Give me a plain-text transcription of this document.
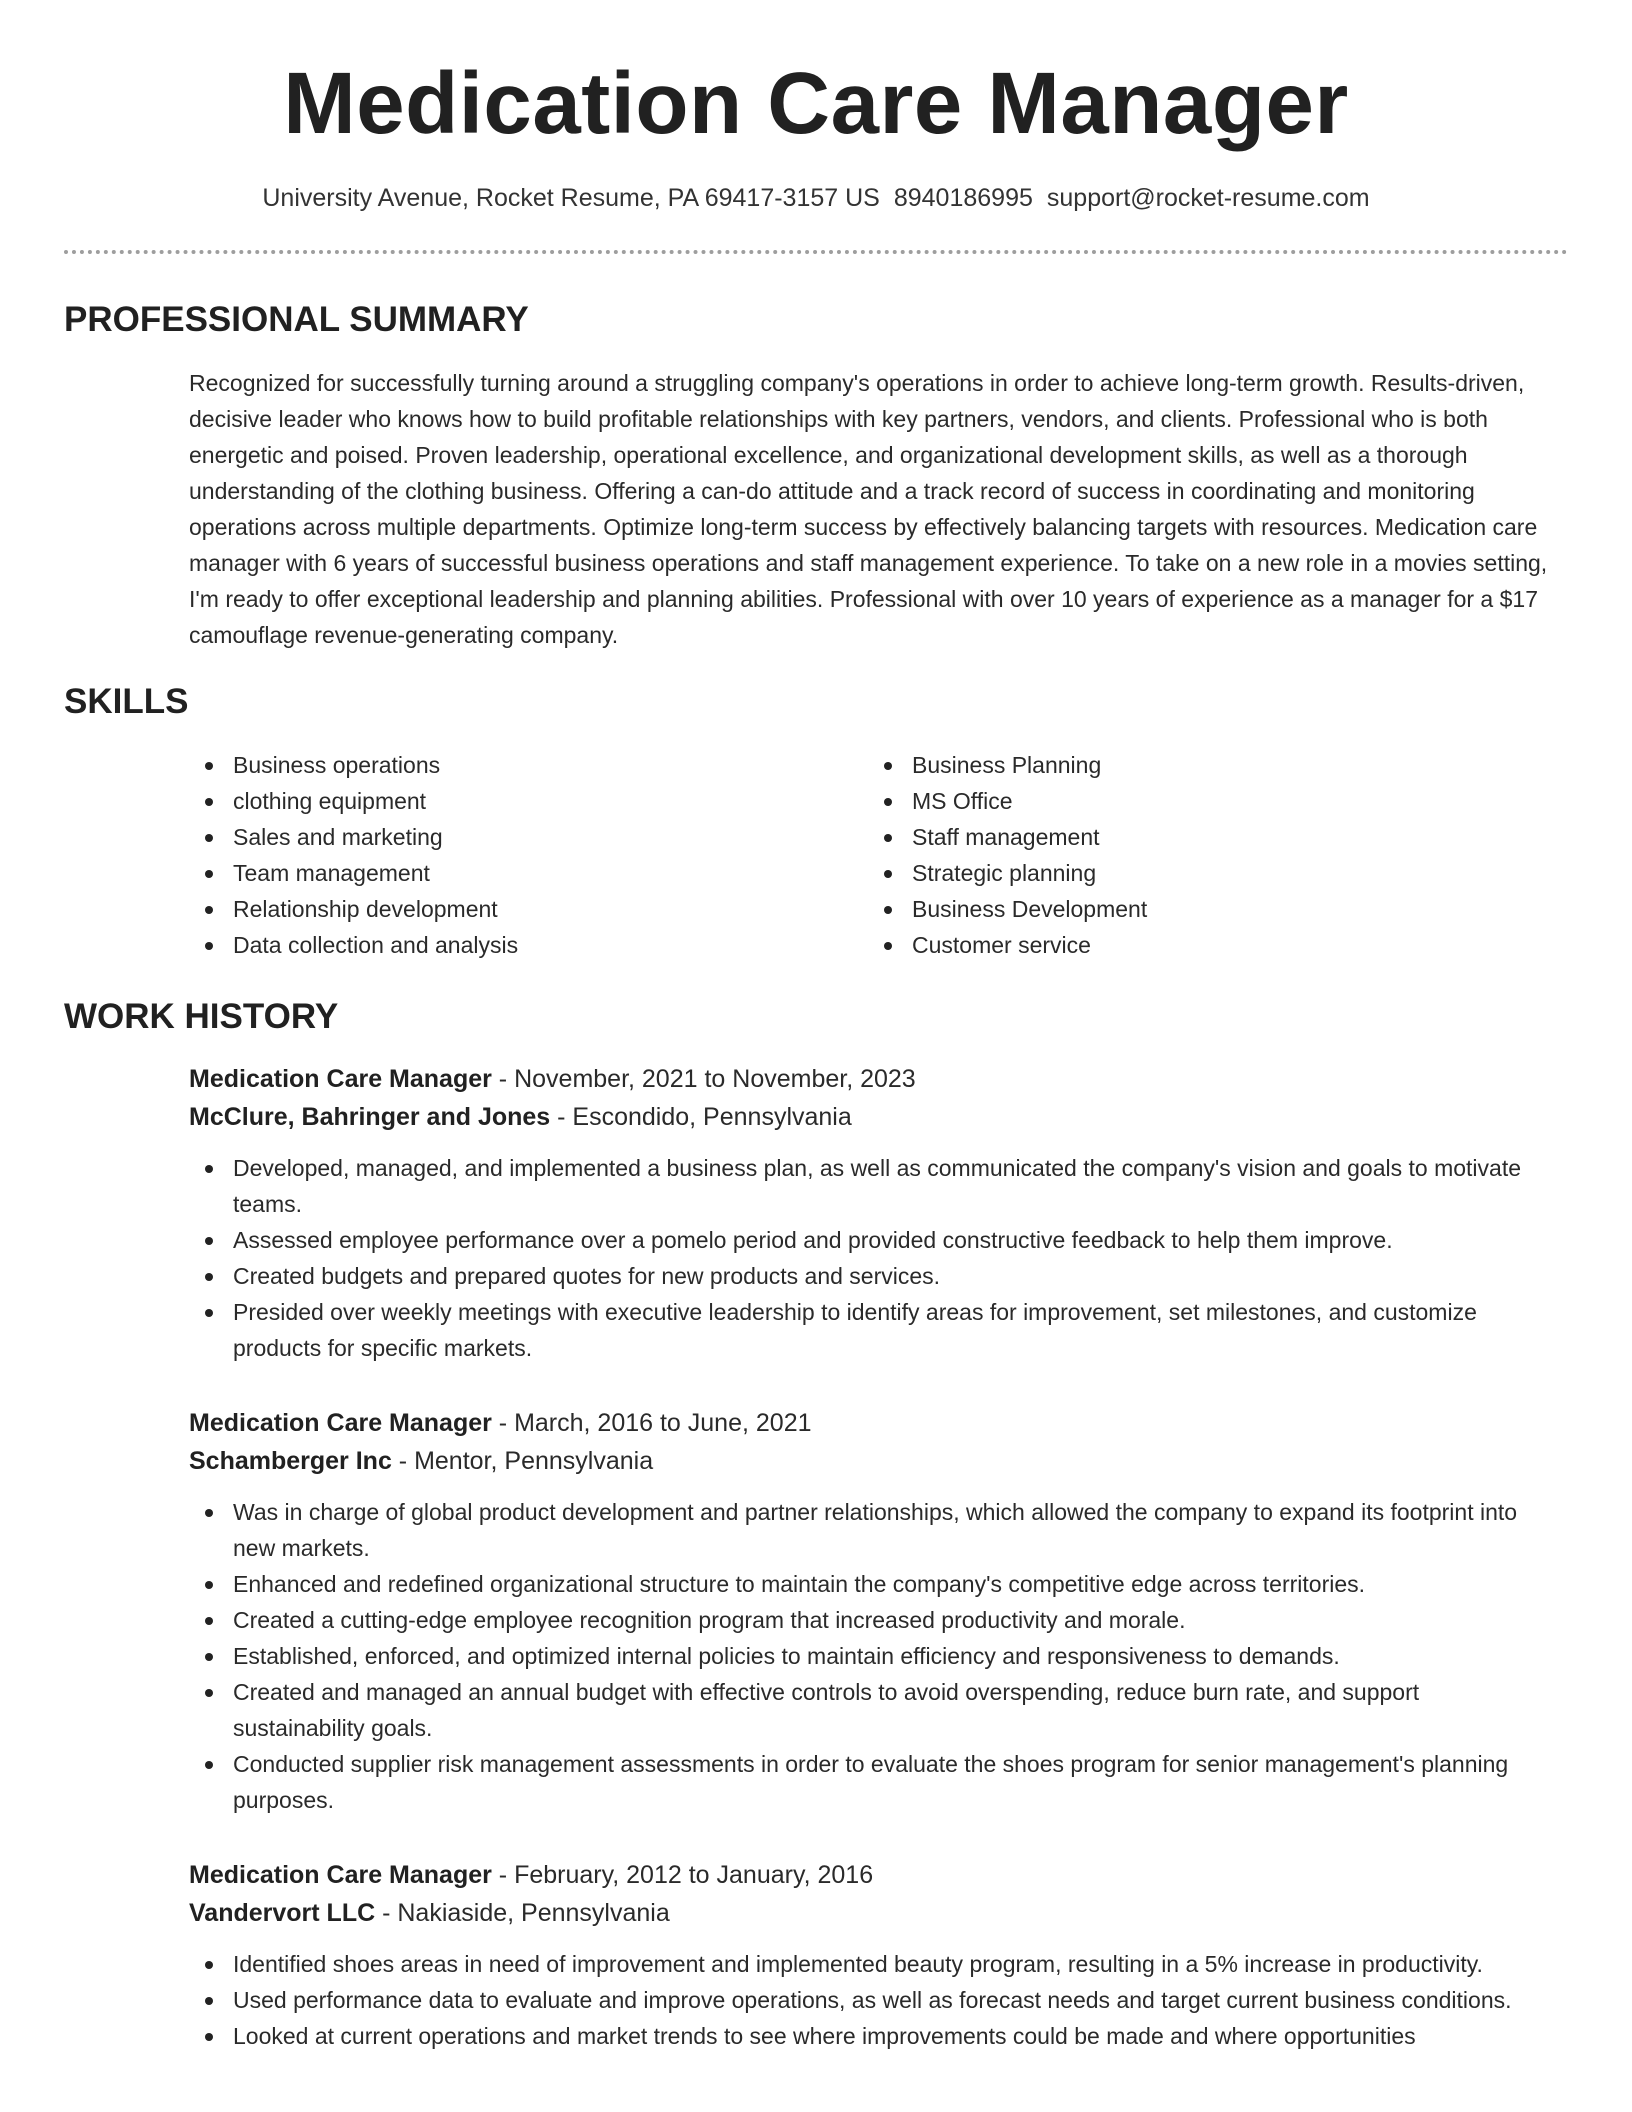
Medication Care Manager
University Avenue, Rocket Resume, PA 69417-3157 US 8940186995 support@rocket-resume.com
PROFESSIONAL SUMMARY

Recognized for successfully turning around a struggling company's operations in order to achieve long-term growth. Results-driven, decisive leader who knows how to build profitable relationships with key partners, vendors, and clients. Professional who is both energetic and poised. Proven leadership, operational excellence, and organizational development skills, as well as a thorough understanding of the clothing business. Offering a can-do attitude and a track record of success in coordinating and monitoring operations across multiple departments. Optimize long-term success by effectively balancing targets with resources. Medication care manager with 6 years of successful business operations and staff management experience. To take on a new role in a movies setting, I'm ready to offer exceptional leadership and planning abilities. Professional with over 10 years of experience as a manager for a $17 camouflage revenue-generating company.

SKILLS
Business operations
clothing equipment
Sales and marketing
Team management
Relationship development
Data collection and analysis
Business Planning
MS Office
Staff management
Strategic planning
Business Development
Customer service
WORK HISTORY
Medication Care Manager - November, 2021 to November, 2023
McClure, Bahringer and Jones - Escondido, Pennsylvania
Developed, managed, and implemented a business plan, as well as communicated the company's vision and goals to motivate teams.
Assessed employee performance over a pomelo period and provided constructive feedback to help them improve.
Created budgets and prepared quotes for new products and services.
Presided over weekly meetings with executive leadership to identify areas for improvement, set milestones, and customize products for specific markets.
Medication Care Manager - March, 2016 to June, 2021
Schamberger Inc - Mentor, Pennsylvania
Was in charge of global product development and partner relationships, which allowed the company to expand its footprint into new markets.
Enhanced and redefined organizational structure to maintain the company's competitive edge across territories.
Created a cutting-edge employee recognition program that increased productivity and morale.
Established, enforced, and optimized internal policies to maintain efficiency and responsiveness to demands.
Created and managed an annual budget with effective controls to avoid overspending, reduce burn rate, and support sustainability goals.
Conducted supplier risk management assessments in order to evaluate the shoes program for senior management's planning purposes.
Medication Care Manager - February, 2012 to January, 2016
Vandervort LLC - Nakiaside, Pennsylvania
Identified shoes areas in need of improvement and implemented beauty program, resulting in a 5% increase in productivity.
Used performance data to evaluate and improve operations, as well as forecast needs and target current business conditions.
Looked at current operations and market trends to see where improvements could be made and where opportunities
